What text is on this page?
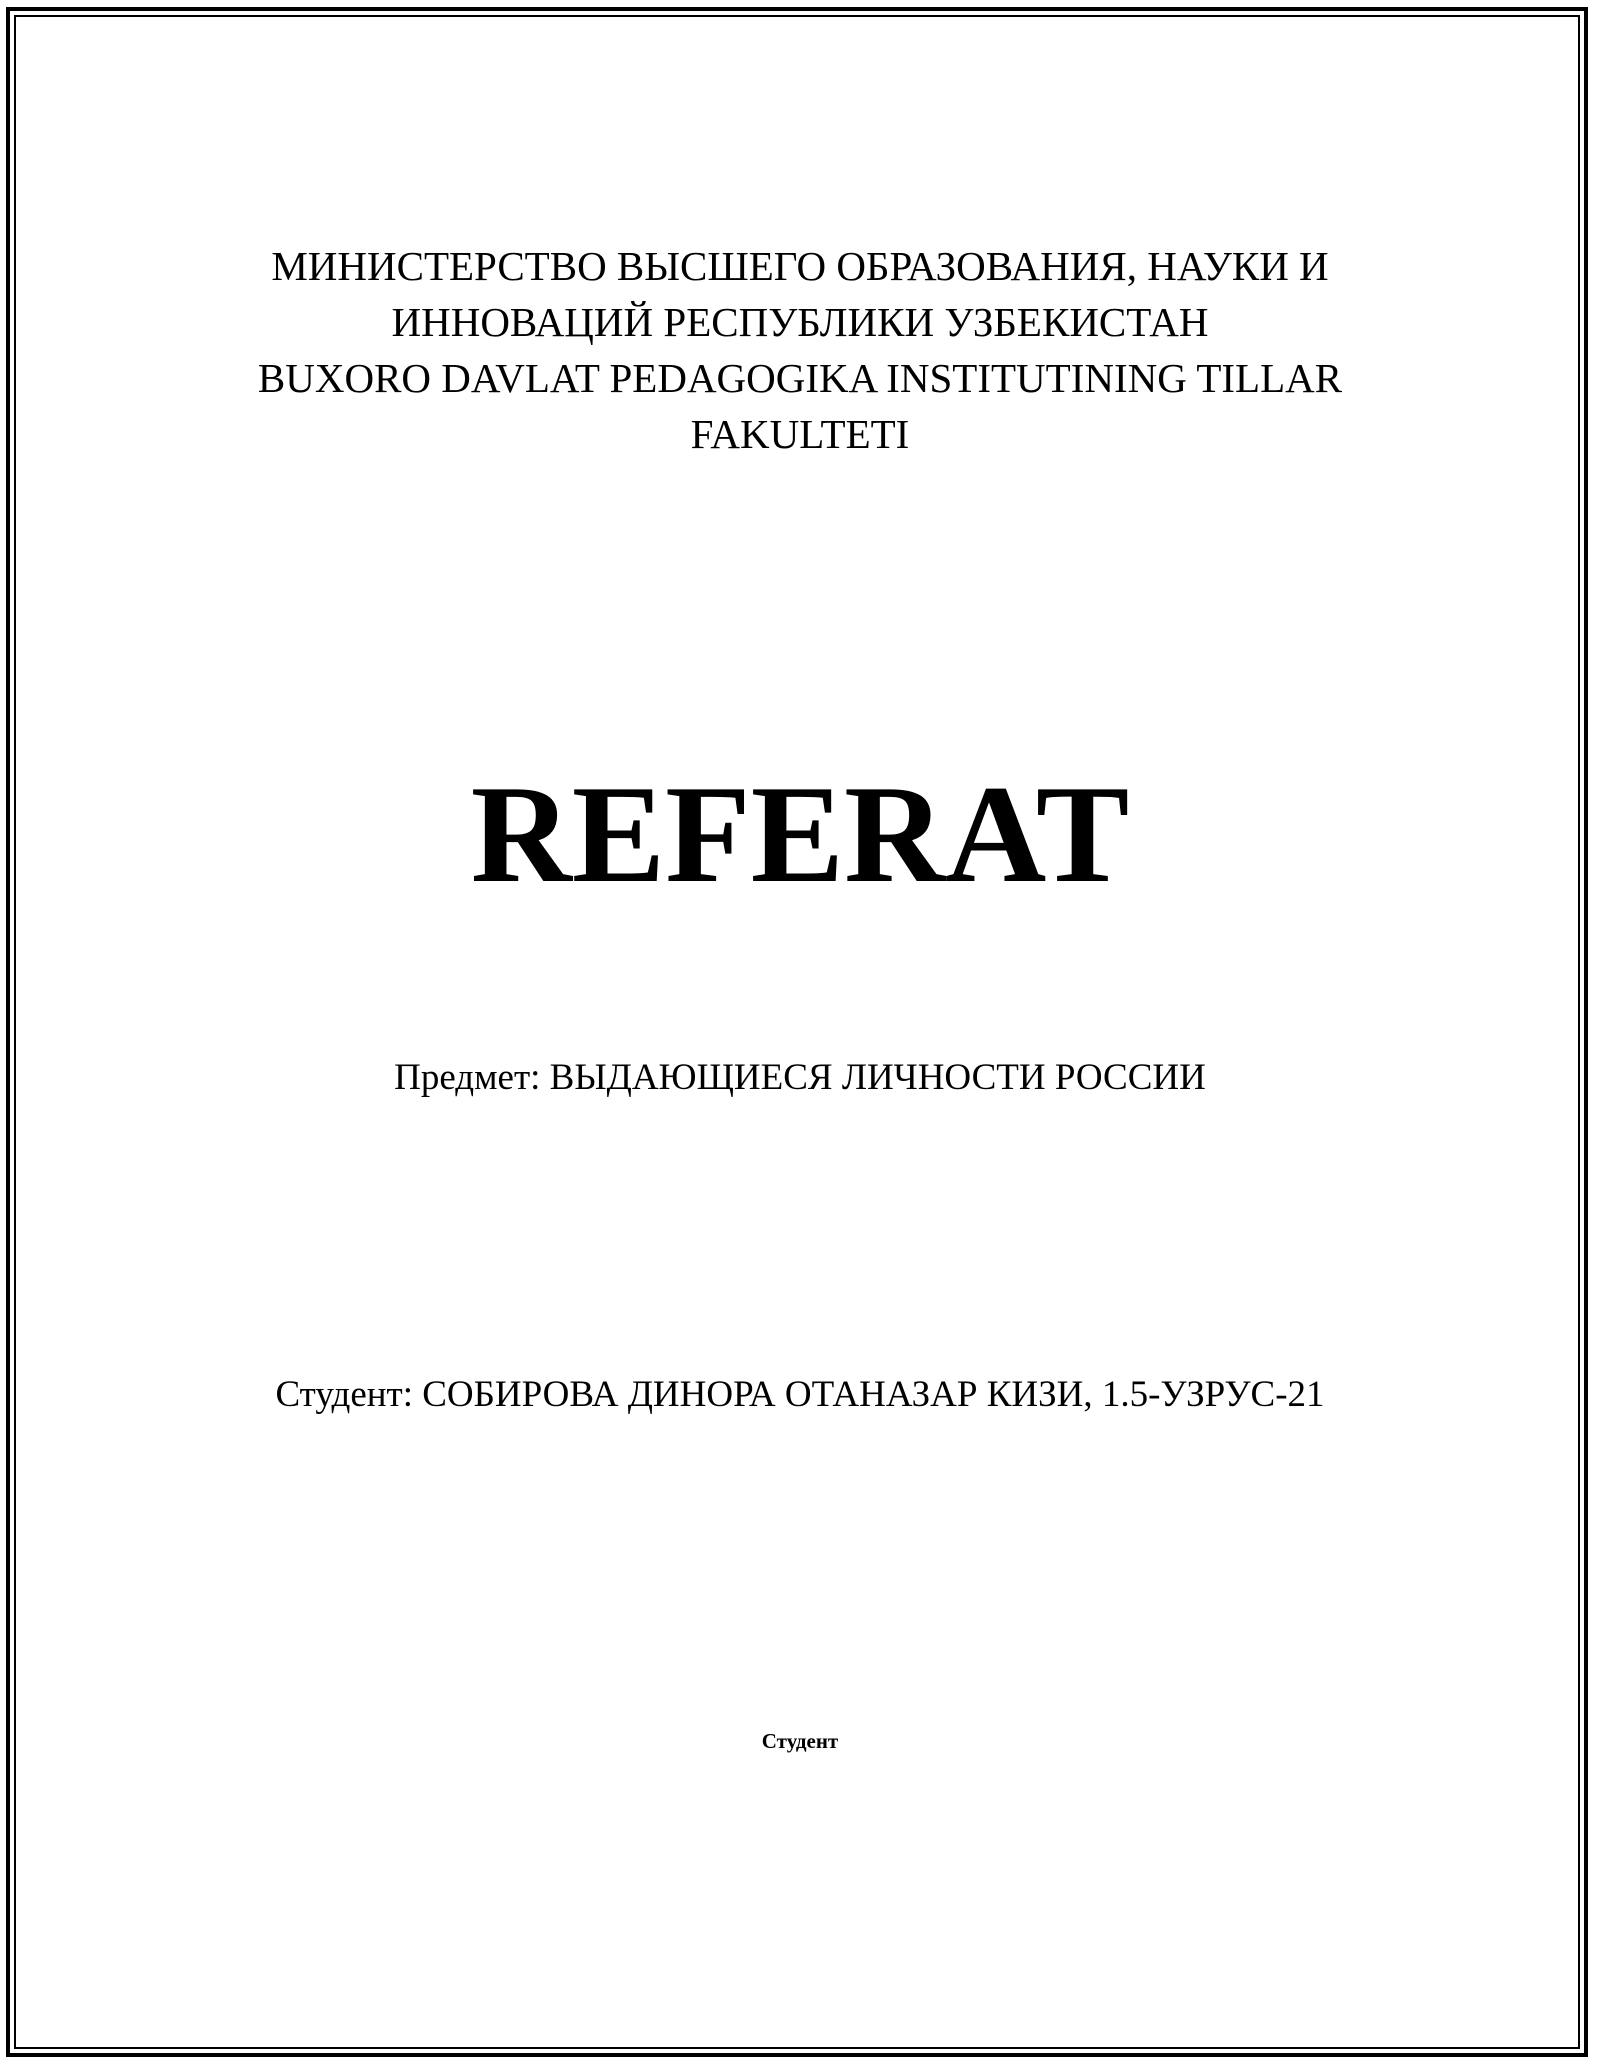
МИНИСТЕРСТВО ВЫСШЕГО ОБРАЗОВАНИЯ, НАУКИ И
ИННОВАЦИЙ РЕСПУБЛИКИ УЗБЕКИСТАН
BUXORO DAVLAT PEDAGOGIKA INSTITUTINING TILLAR
FAKULTETI
REFERAT
Предмет: ВЫДАЮЩИЕСЯ ЛИЧНОСТИ РОССИИ
Студент: СОБИРОВА ДИНОРА ОТАНАЗАР КИЗИ, 1.5-УЗРУС-21
Студент
